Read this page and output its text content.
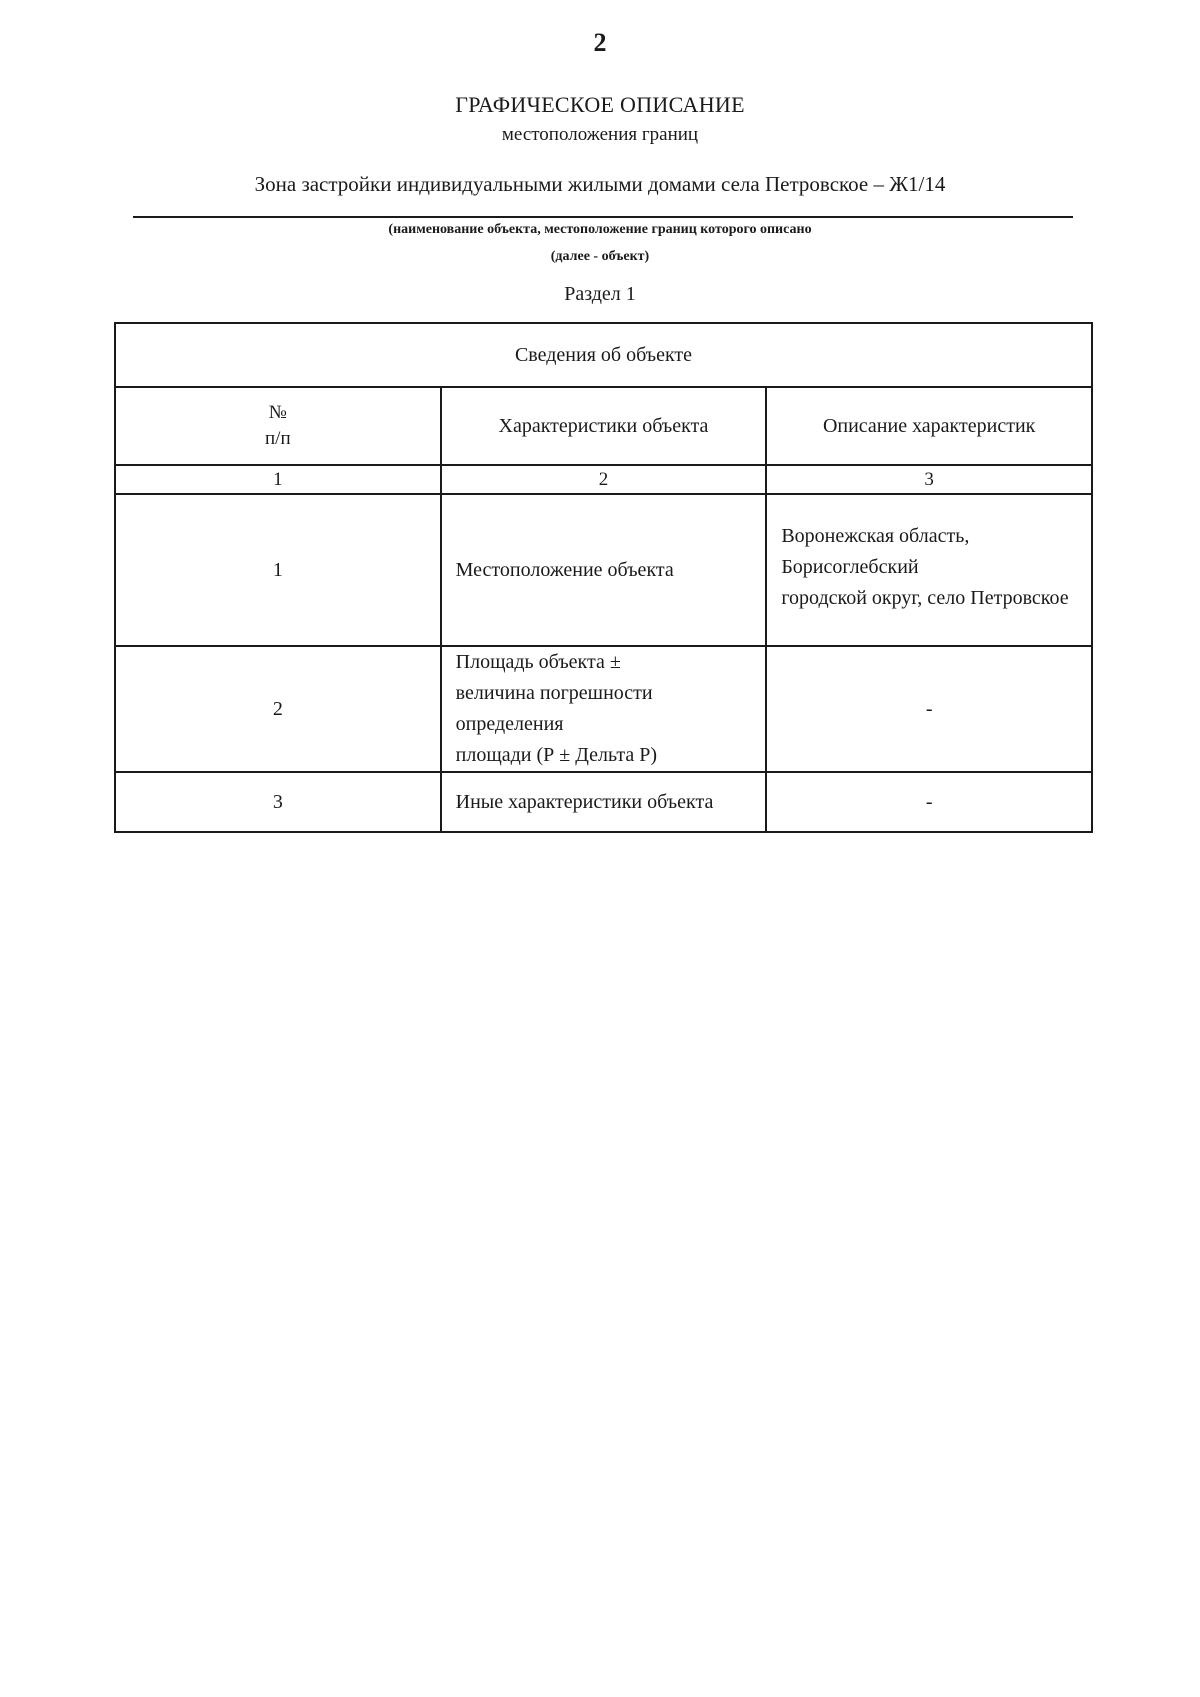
2
ГРАФИЧЕСКОЕ ОПИСАНИЕ
местоположения границ
Зона застройки индивидуальными жилыми домами села Петровское – Ж1/14
(наименование объекта, местоположение границ которого описано
(далее - объект)
Раздел 1
Сведения об объекте		

№
п/п	Характеристики объекта	Описание характеристик
1	2	3
1	Местоположение объекта	Воронежская область, Борисоглебский
городской округ, село Петровское

2	Площадь объекта ±
величина погрешности определения
площади (Р ± Дельта Р)	-
3	Иные характеристики объекта	-
